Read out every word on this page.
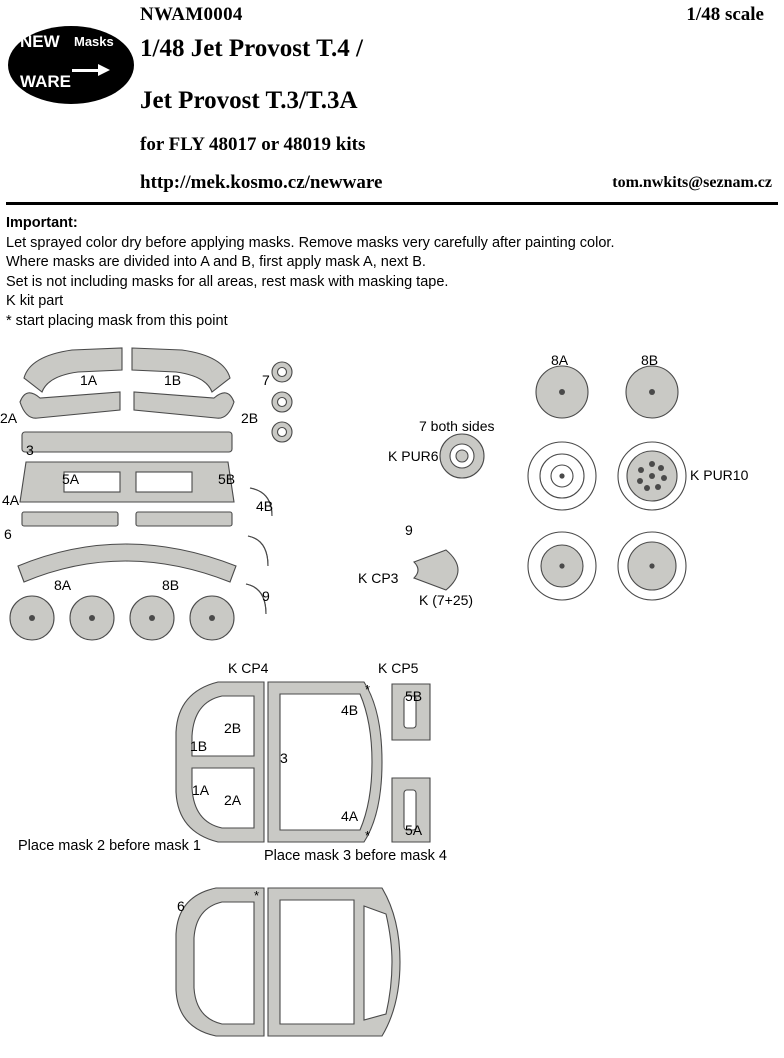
NWAM0004	1/48 scale
NEW Masks
WARE
1/48 Jet Provost T.4 /
Jet Provost T.3/T.3A
for FLY 48017 or 48019 kits
http://mek.kosmo.cz/newware	tom.nwkits@seznam.cz
Important:
Let sprayed color dry before applying masks. Remove masks very carefully after painting color.
Where masks are divided into A and B, first apply mask A, next B.
Set is not including masks for all areas, rest mask with masking tape.
K kit part
* start placing mask from this point
1A	1B
2A	2B
3
5A	5B
4A	4B
6
7
8A	8B
9
7 both sides
K PUR6
9
K CP3
K (7+25)
8A	8B
K PUR10
*
*
K CP4	K CP5
2B
1B
1A
2A
3
4B
4A
5B
5A
Place mask 2 before mask 1
Place mask 3 before mask 4
*
6
